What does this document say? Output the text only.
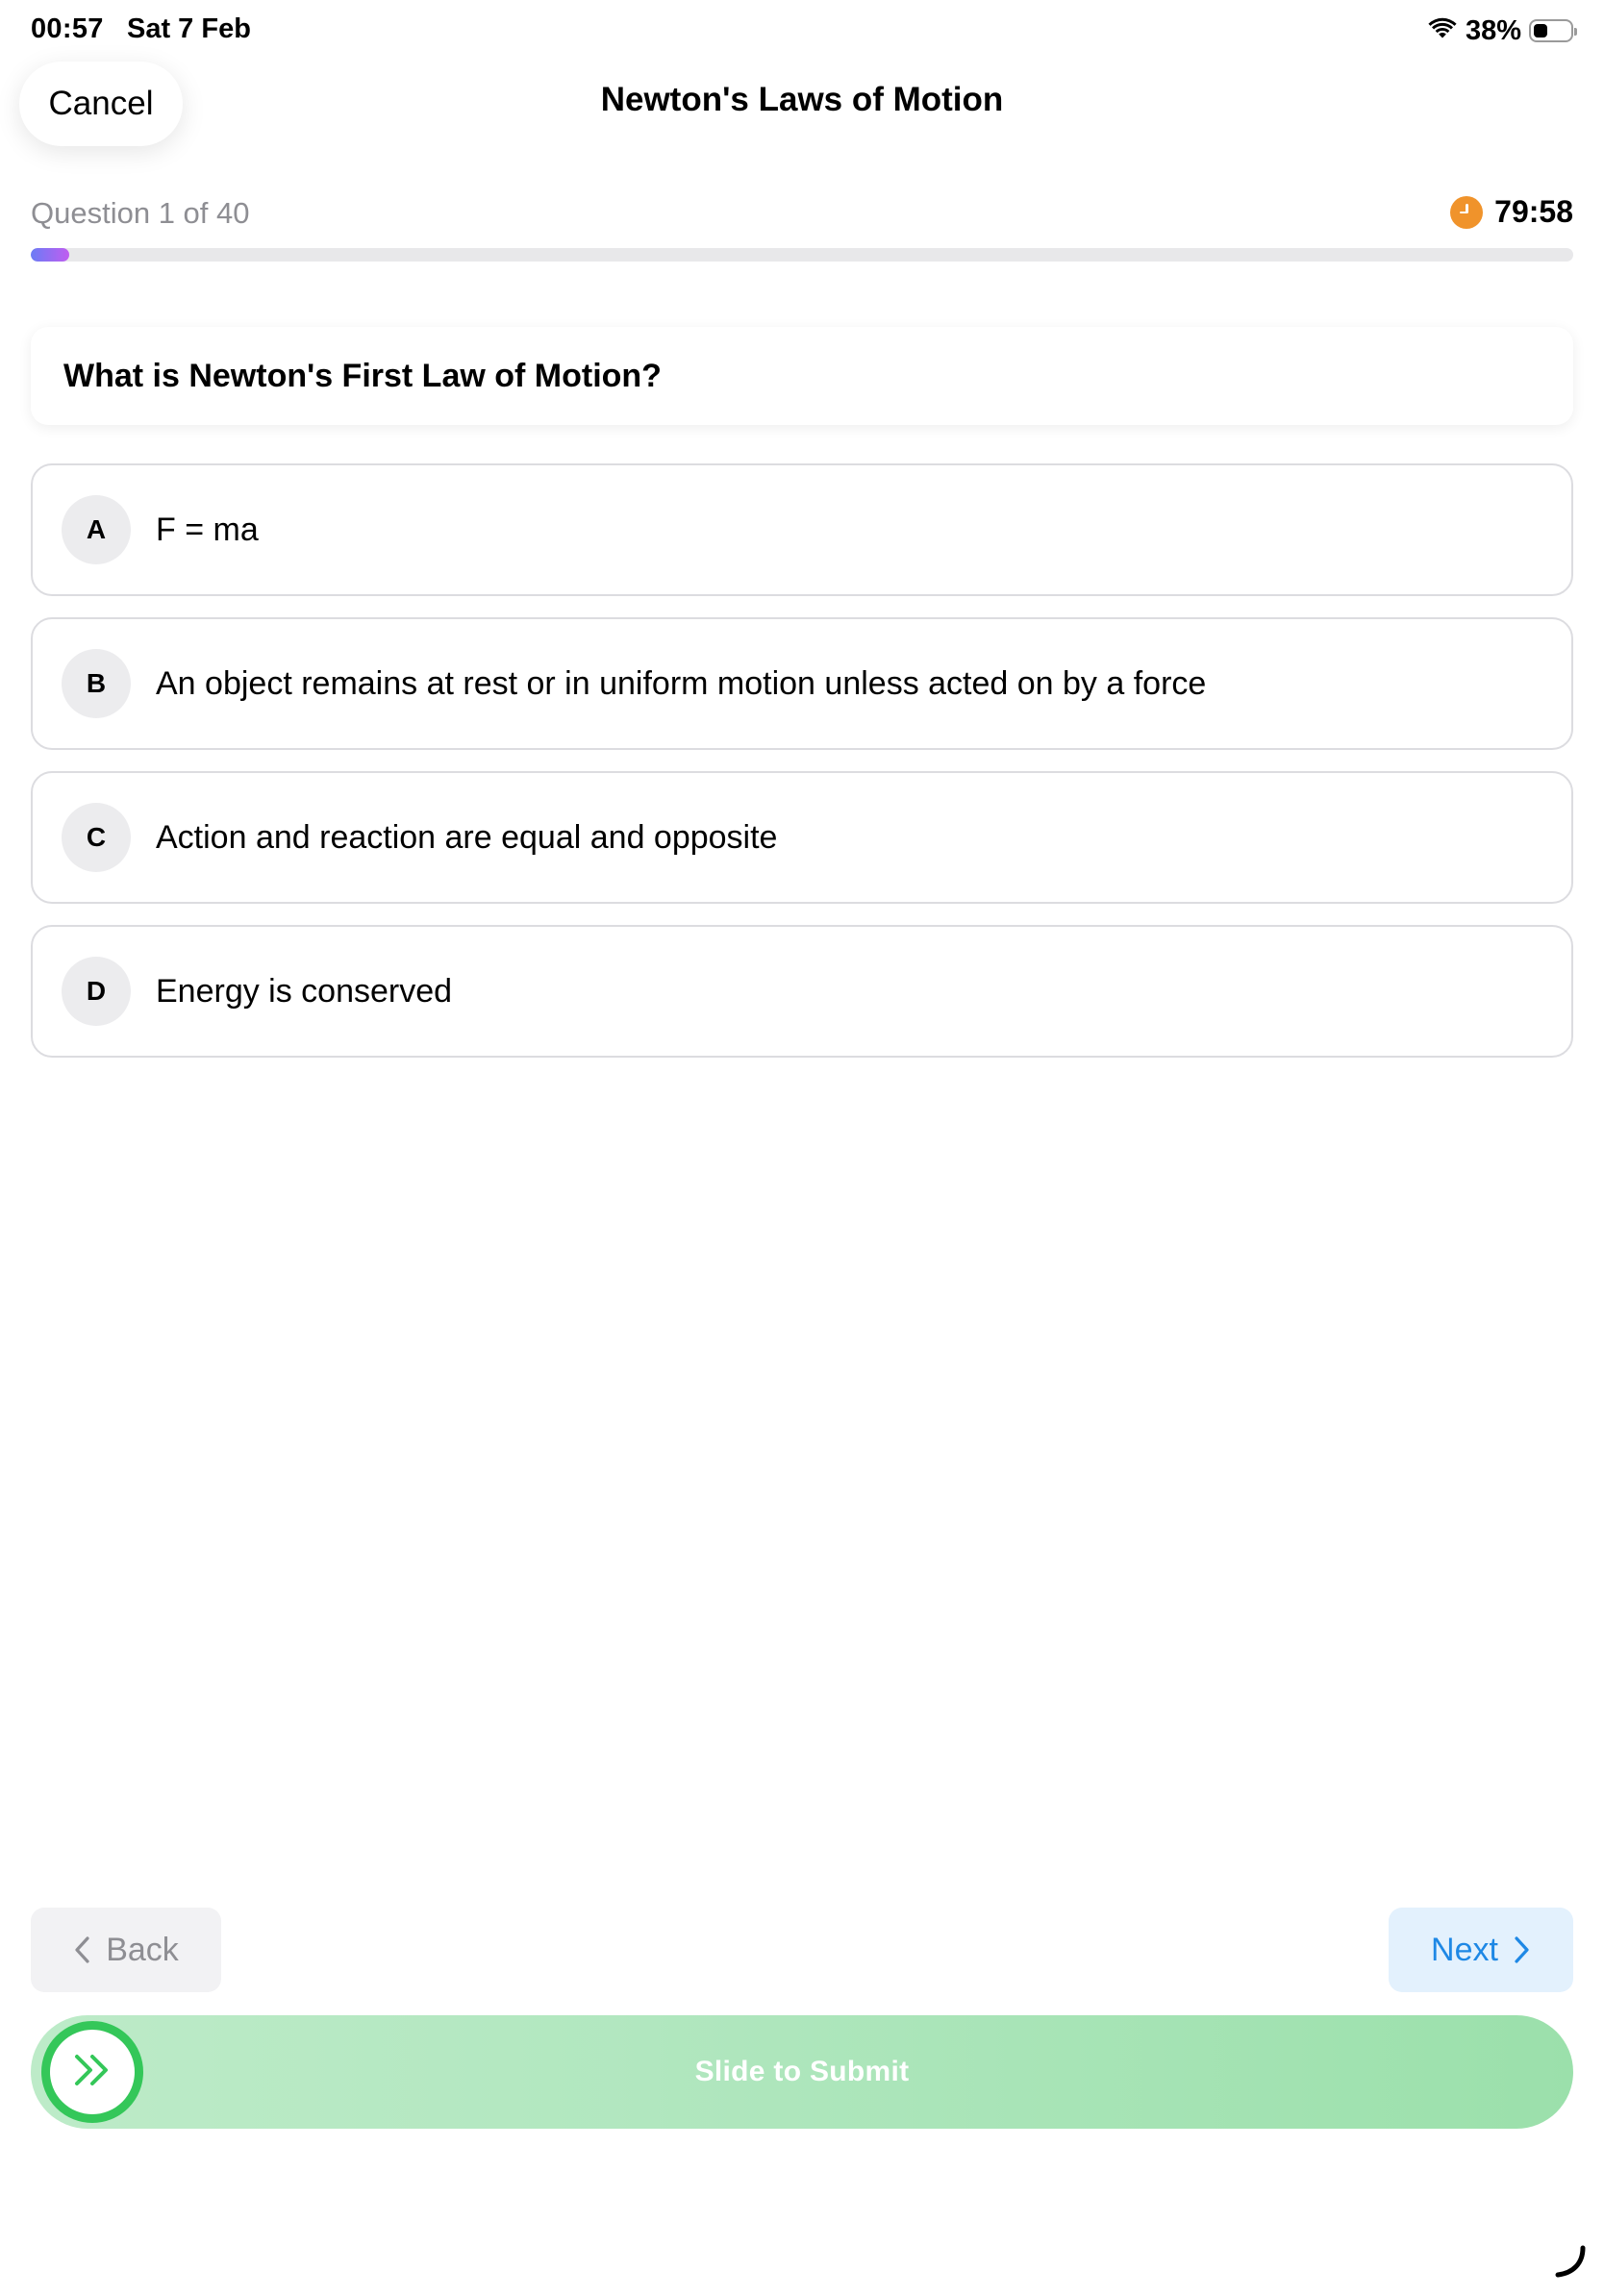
00:57 Sat 7 Feb	38%
Cancel	Newton's Laws of Motion
Question 1 of 40	79:58
What is Newton's First Law of Motion?
A	F = ma
B	An object remains at rest or in uniform motion unless acted on by a force
C	Action and reaction are equal and opposite
D	Energy is conserved
Back	Next
Slide to Submit
